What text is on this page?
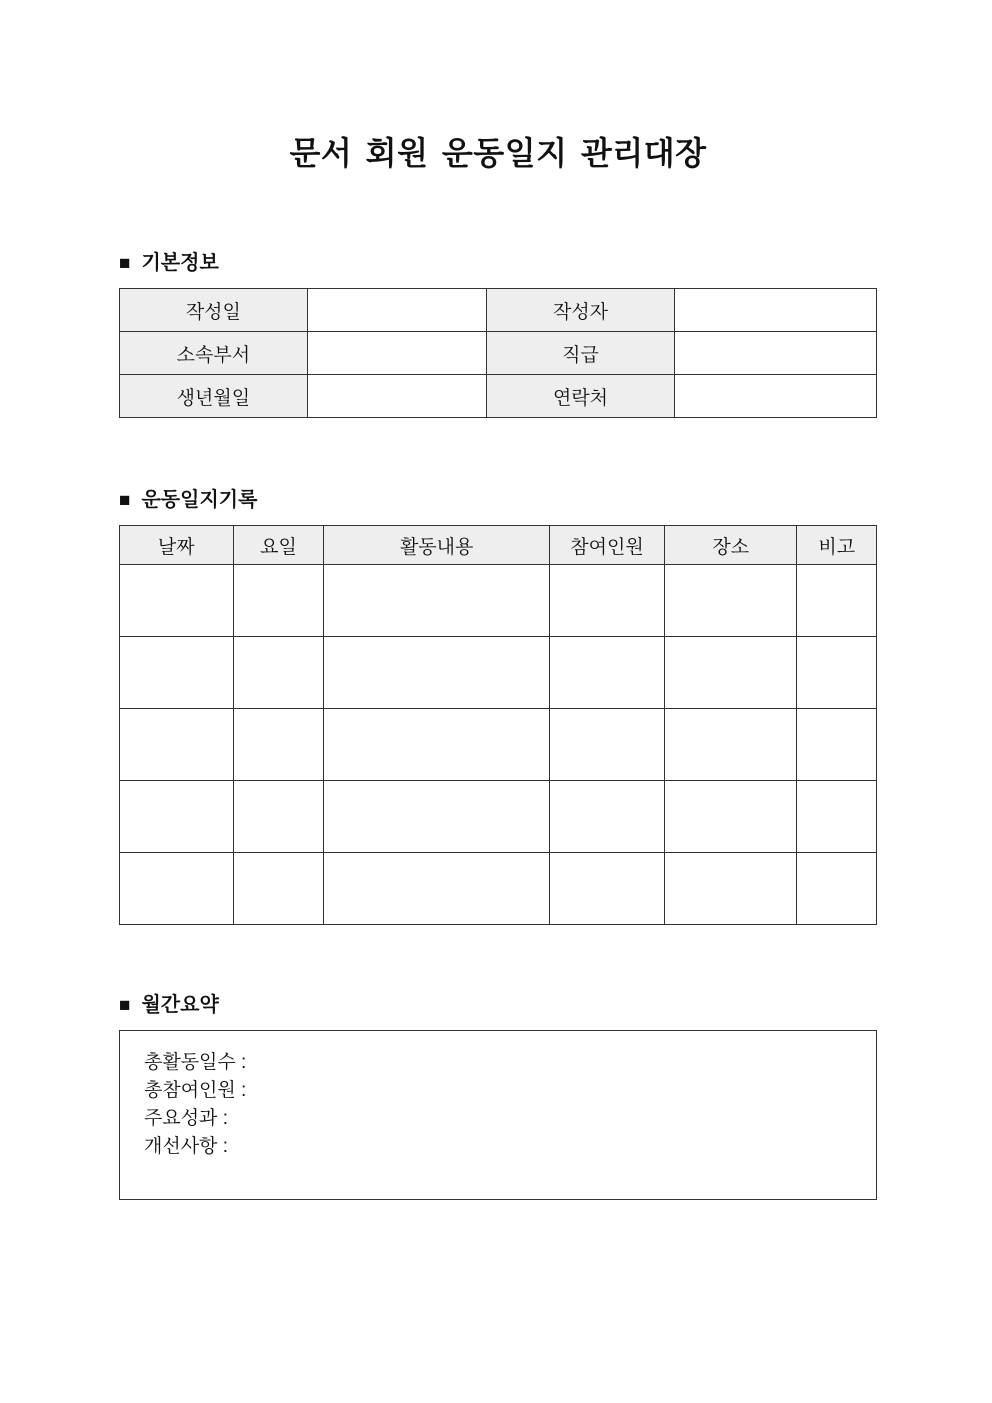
문서 회원 운동일지 관리대장
■ 기본정보
작성일		작성자	
소속부서		직급	
생년월일		연락처	
■ 운동일지기록
날짜	요일	활동내용	참여인원	장소	비고

■ 월간요약
총활동일수 :
총참여인원 :
주요성과 :
개선사항 :
